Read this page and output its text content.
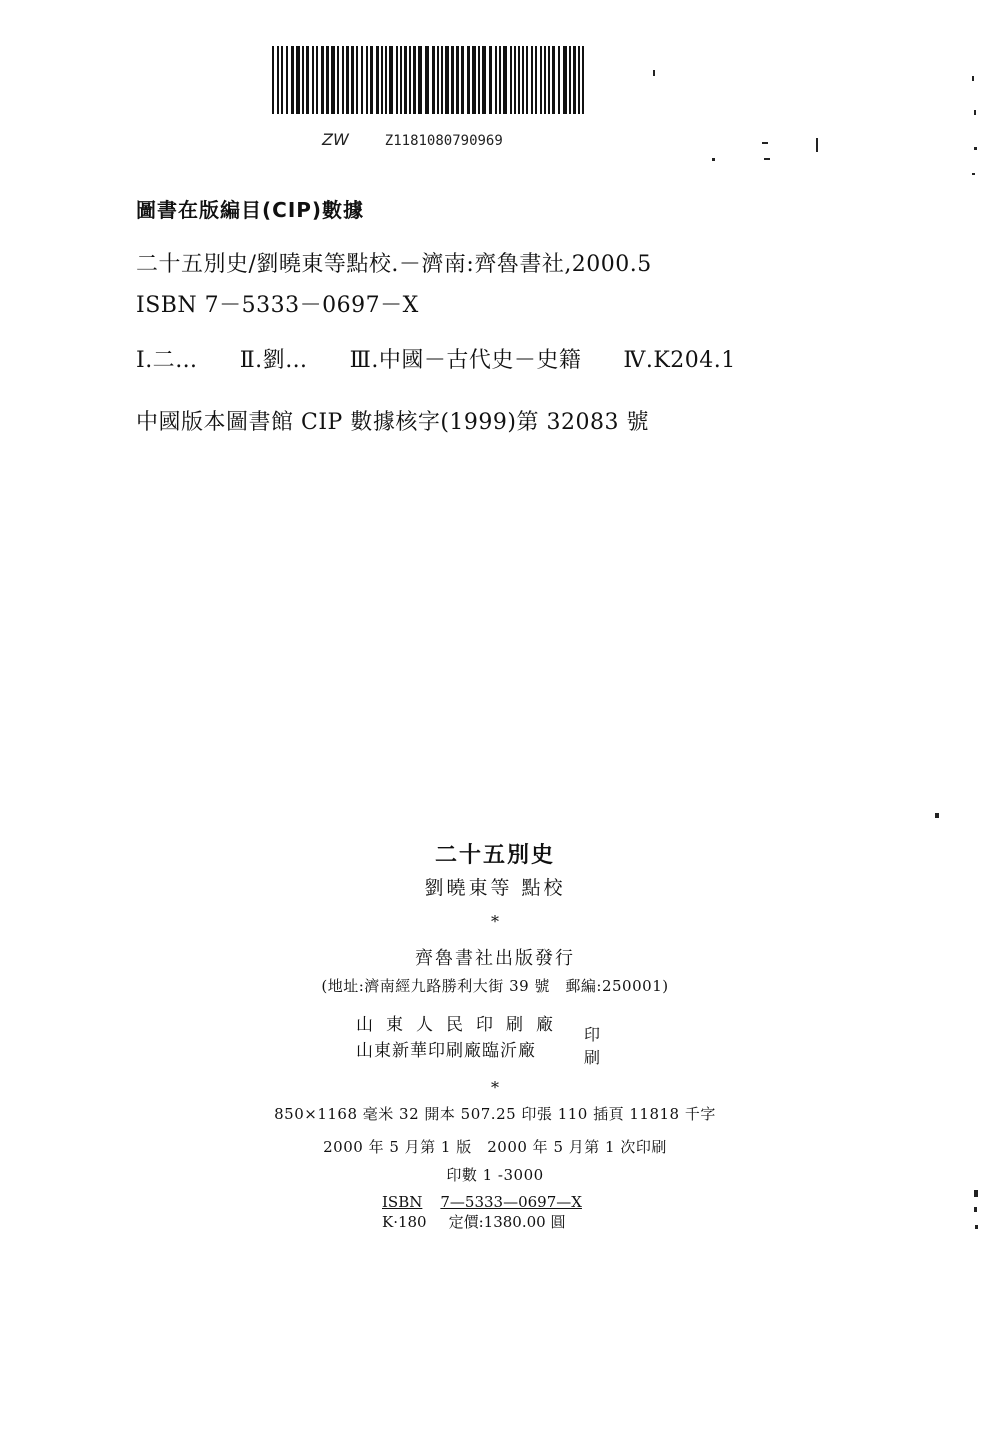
ZW	Z1181080790969
圖書在版編目(CIP)數據
二十五別史/劉曉東等點校.－濟南:齊魯書社,2000.5
ISBN 7－5333－0697－X
Ⅰ.二… Ⅱ.劉… Ⅲ.中國－古代史－史籍 Ⅳ.K204.1
中國版本圖書館 CIP 數據核字(1999)第 32083 號
二十五別史
劉曉東等 點校
*
齊魯書社出版發行
(地址:濟南經九路勝利大街 39 號　郵編:250001)
山東人民印刷廠
山東新華印刷廠臨沂廠
印刷
*
850×1168 毫米 32 開本 507.25 印張 110 插頁 11818 千字
2000 年 5 月第 1 版　2000 年 5 月第 1 次印刷
印數 1 -3000
ISBN 7—5333—0697—X
K·180 定價:1380.00 圓
